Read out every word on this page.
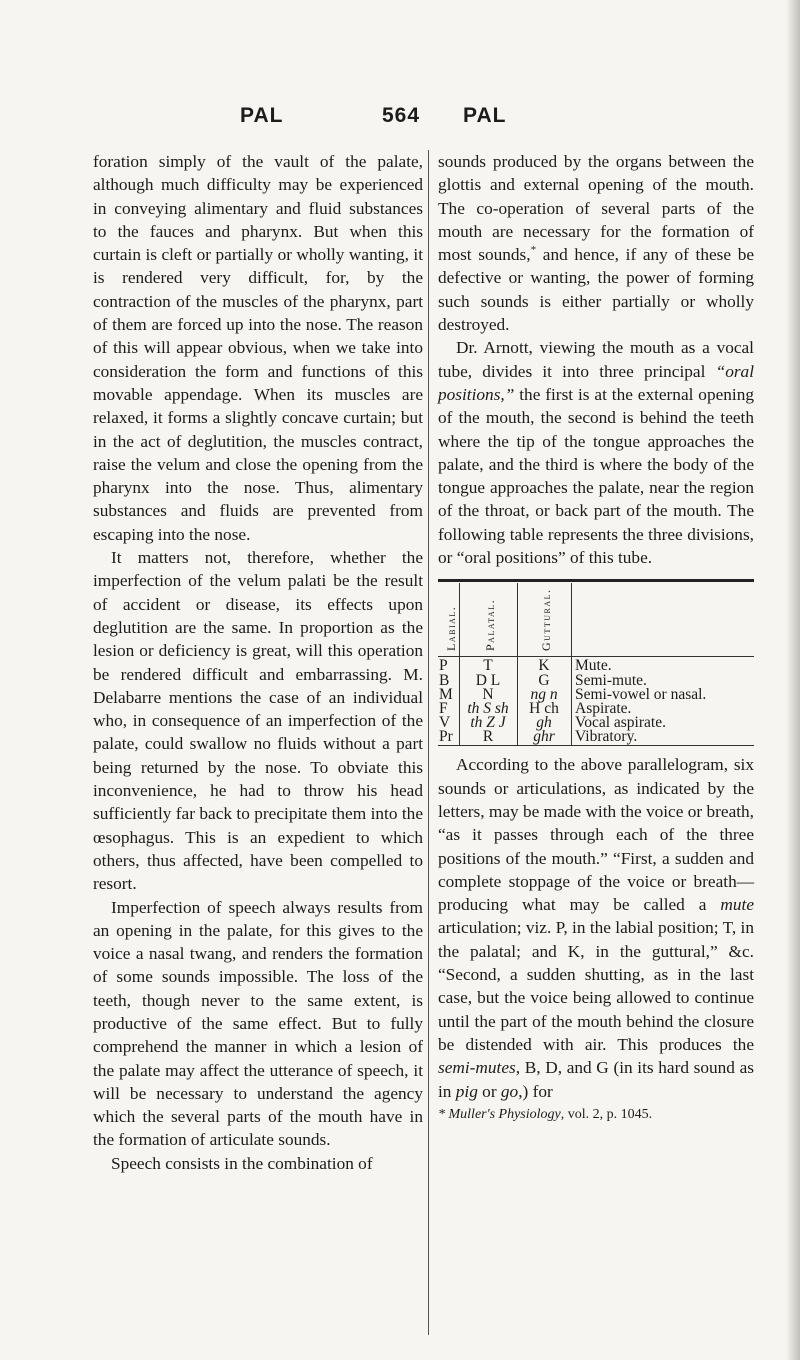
PAL	564 PAL

foration simply of the vault of the palate, although much difficulty may be experienced in conveying alimentary and fluid substances to the fauces and pharynx. But when this curtain is cleft or partially or wholly wanting, it is rendered very difficult, for, by the contraction of the muscles of the pharynx, part of them are forced up into the nose. The reason of this will appear obvious, when we take into consideration the form and functions of this movable appendage. When its muscles are relaxed, it forms a slightly concave curtain; but in the act of deglutition, the muscles contract, raise the velum and close the opening from the pharynx into the nose. Thus, alimentary substances and fluids are prevented from escaping into the nose.

It matters not, therefore, whether the imperfection of the velum palati be the result of accident or disease, its effects upon deglutition are the same. In proportion as the lesion or deficiency is great, will this operation be rendered difficult and embarrassing. M. Delabarre mentions the case of an individual who, in consequence of an imperfection of the palate, could swallow no fluids without a part being returned by the nose. To obviate this inconvenience, he had to throw his head sufficiently far back to precipitate them into the œsophagus. This is an expedient to which others, thus affected, have been compelled to resort.

Imperfection of speech always results from an opening in the palate, for this gives to the voice a nasal twang, and renders the formation of some sounds impossible. The loss of the teeth, though never to the same extent, is productive of the same effect. But to fully comprehend the manner in which a lesion of the palate may affect the utterance of speech, it will be necessary to understand the agency which the several parts of the mouth have in the formation of articulate sounds.

Speech consists in the combination of

sounds produced by the organs between the glottis and external opening of the mouth. The co-operation of several parts of the mouth are necessary for the formation of most sounds,* and hence, if any of these be defective or wanting, the power of forming such sounds is either partially or wholly destroyed.

Dr. Arnott, viewing the mouth as a vocal tube, divides it into three principal “oral positions,” the first is at the external opening of the mouth, the second is behind the teeth where the tip of the tongue approaches the palate, and the third is where the body of the tongue approaches the palate, near the region of the throat, or back part of the mouth. The following table represents the three divisions, or “oral positions” of this tube.

Labial. Palatal.	Guttural.
P
B
M
F
V
Pr
T
D L
N
th S sh
th Z J
R
K
G
ng n
H ch
gh
ghr
Mute.
Semi-mute.
Semi-vowel or nasal.
Aspirate.
Vocal aspirate.
Vibratory.

According to the above parallelogram, six sounds or articulations, as indicated by the letters, may be made with the voice or breath, “as it passes through each of the three positions of the mouth.” “First, a sudden and complete stoppage of the voice or breath—producing what may be called a mute articulation; viz. P, in the labial position; T, in the palatal; and K, in the guttural,” &c. “Second, a sudden shutting, as in the last case, but the voice being allowed to continue until the part of the mouth behind the closure be distended with air. This produces the semi-mutes, B, D, and G (in its hard sound as in pig or go,) for

* Muller's Physiology, vol. 2, p. 1045.
